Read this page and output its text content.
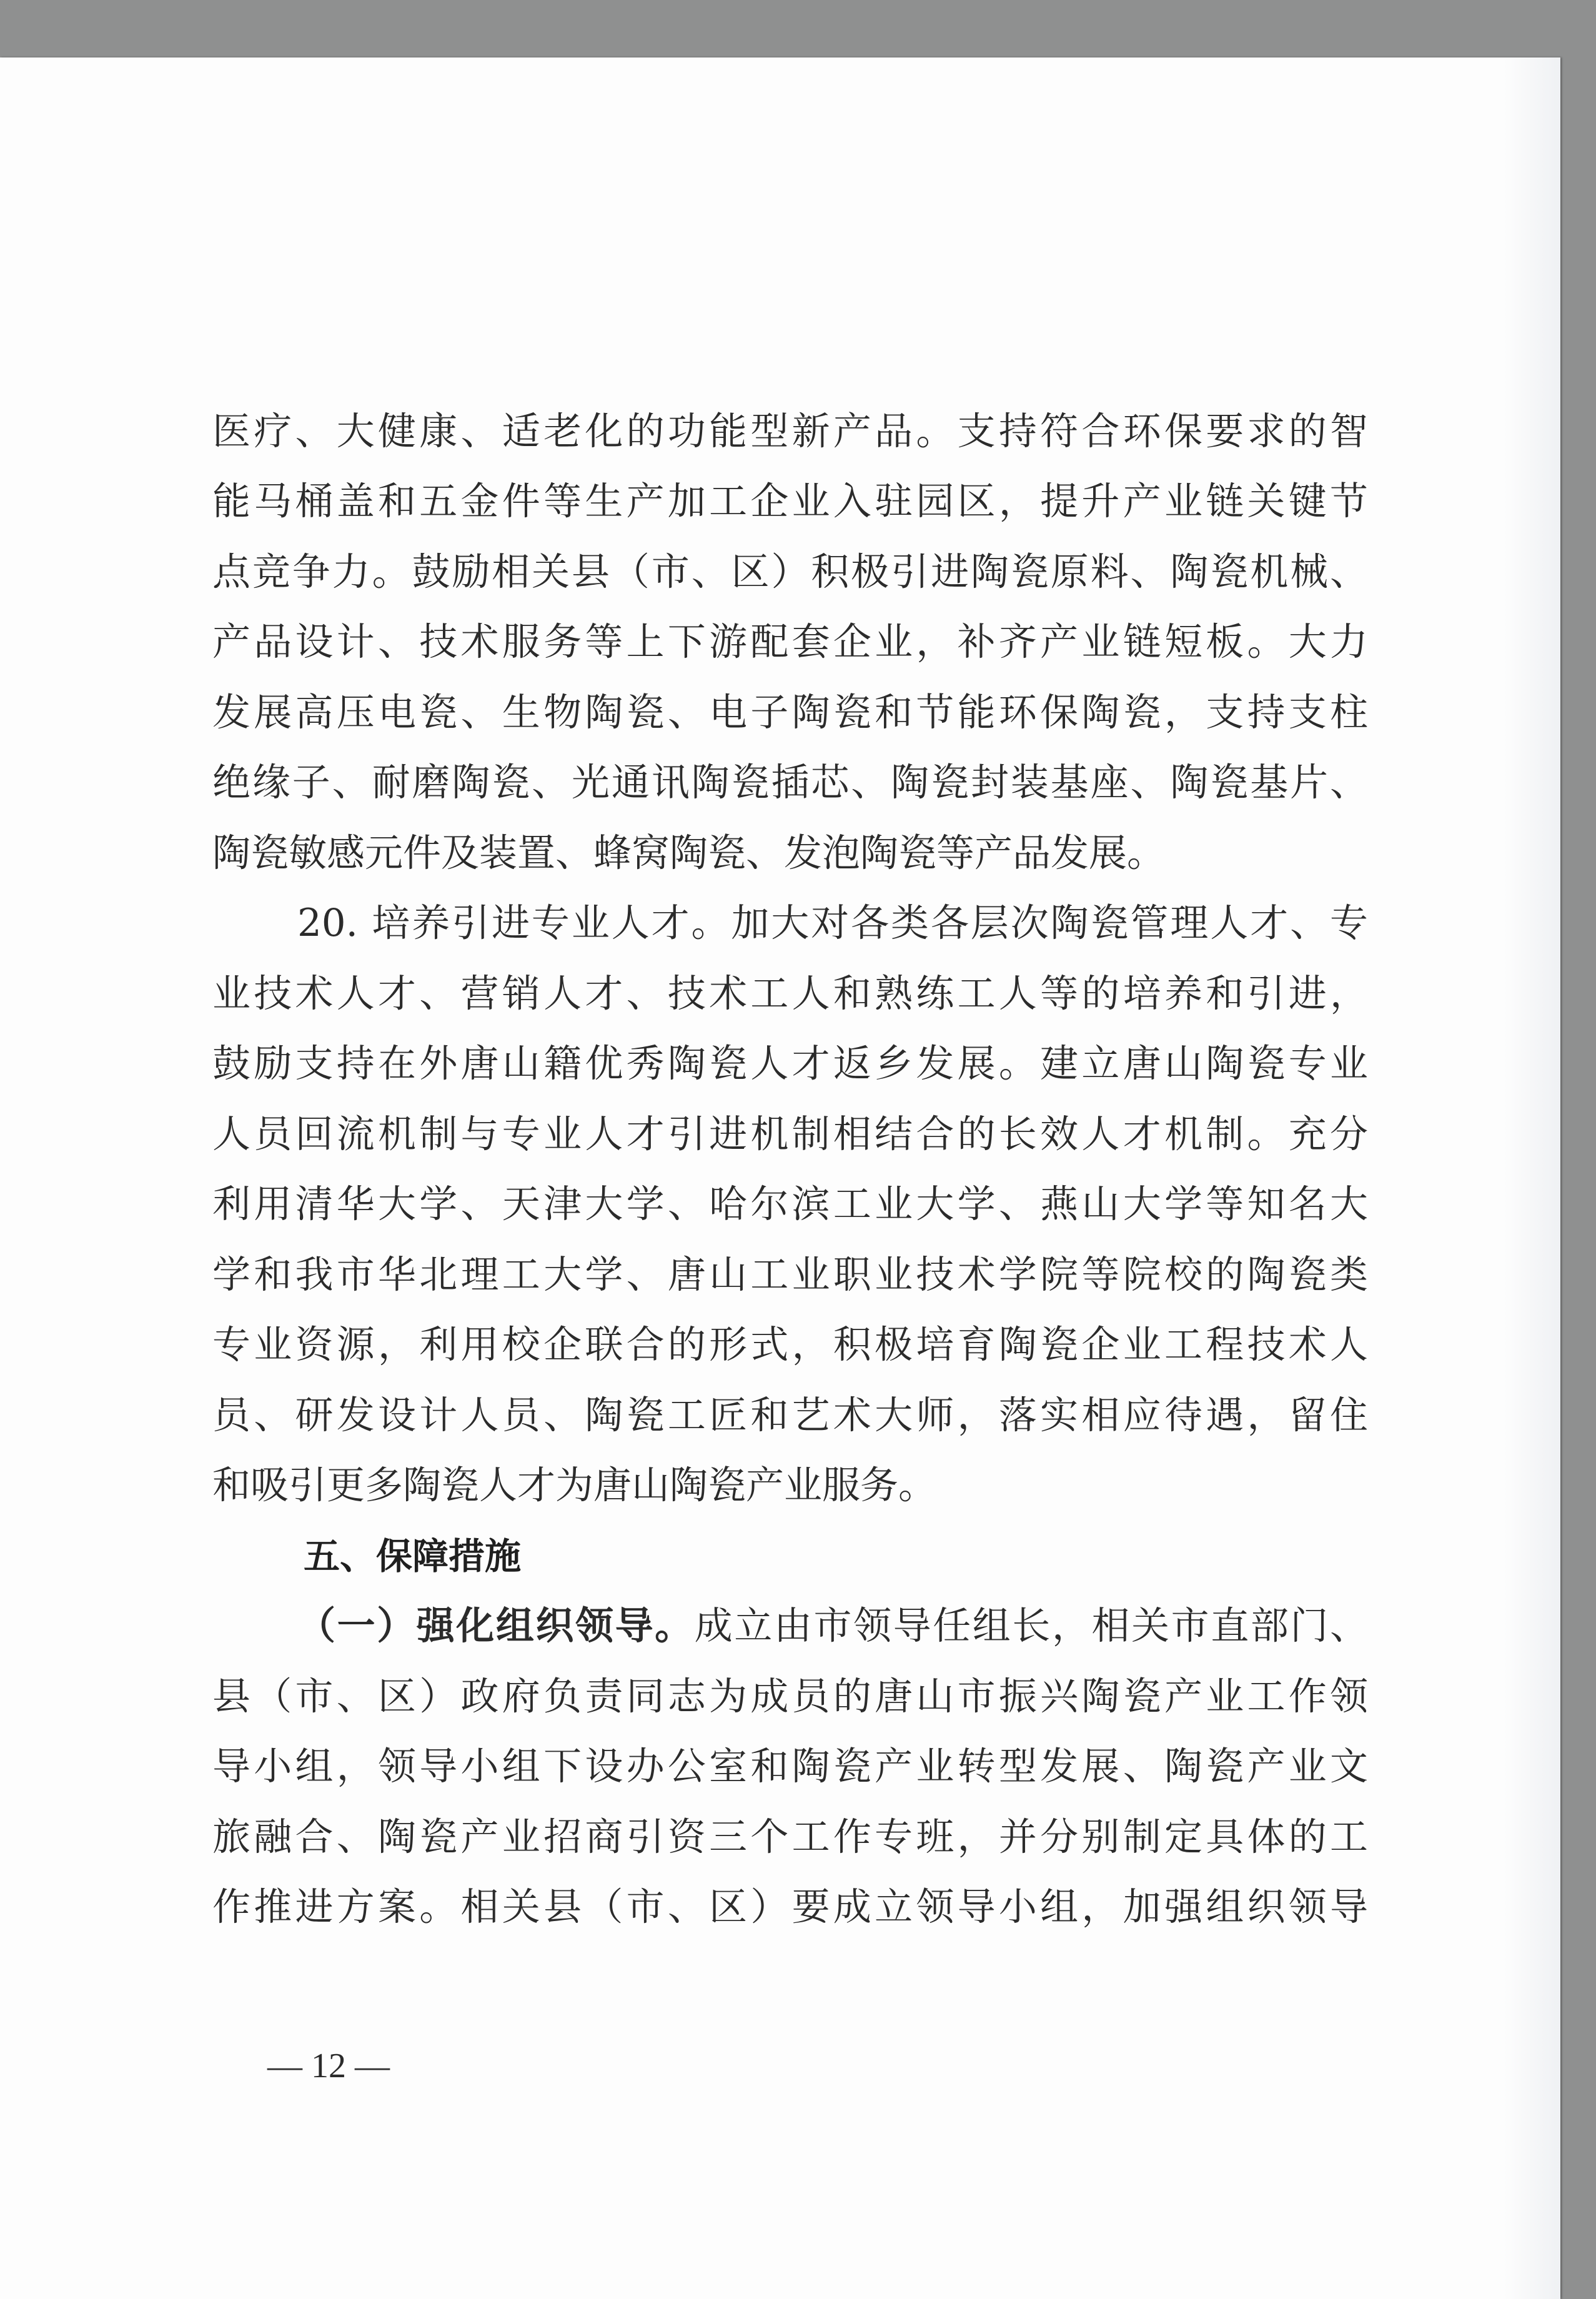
医疗、大健康、适老化的功能型新产品。支持符合环保要求的智
能马桶盖和五金件等生产加工企业入驻园区，提升产业链关键节
点竞争力。鼓励相关县（市、区）积极引进陶瓷原料、陶瓷机械、
产品设计、技术服务等上下游配套企业，补齐产业链短板。大力
发展高压电瓷、生物陶瓷、电子陶瓷和节能环保陶瓷，支持支柱
绝缘子、耐磨陶瓷、光通讯陶瓷插芯、陶瓷封装基座、陶瓷基片、
陶瓷敏感元件及装置、蜂窝陶瓷、发泡陶瓷等产品发展。
20. 培养引进专业人才。加大对各类各层次陶瓷管理人才、专
业技术人才、营销人才、技术工人和熟练工人等的培养和引进，
鼓励支持在外唐山籍优秀陶瓷人才返乡发展。建立唐山陶瓷专业
人员回流机制与专业人才引进机制相结合的长效人才机制。充分
利用清华大学、天津大学、哈尔滨工业大学、燕山大学等知名大
学和我市华北理工大学、唐山工业职业技术学院等院校的陶瓷类
专业资源，利用校企联合的形式，积极培育陶瓷企业工程技术人
员、研发设计人员、陶瓷工匠和艺术大师，落实相应待遇，留住
和吸引更多陶瓷人才为唐山陶瓷产业服务。
五、保障措施
（一）强化组织领导。成立由市领导任组长，相关市直部门、
县（市、区）政府负责同志为成员的唐山市振兴陶瓷产业工作领
导小组，领导小组下设办公室和陶瓷产业转型发展、陶瓷产业文
旅融合、陶瓷产业招商引资三个工作专班，并分别制定具体的工
作推进方案。相关县（市、区）要成立领导小组，加强组织领导
— 12 —
